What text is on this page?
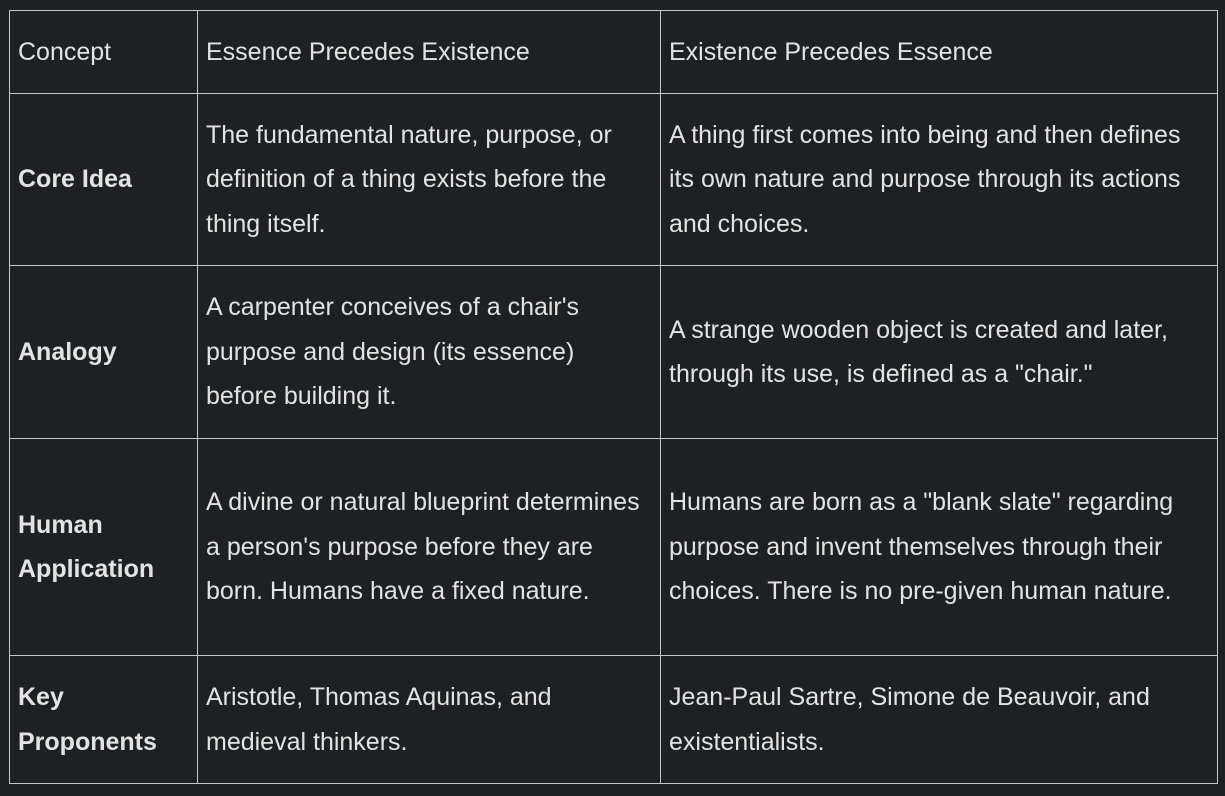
Concept	Essence Precedes Existence	Existence Precedes Essence
Core Idea	The fundamental nature, purpose, or definition of a thing exists before the thing itself.	A thing first comes into being and then defines its own nature and purpose through its actions and choices.
Analogy	A carpenter conceives of a chair's purpose and design (its essence) before building it.	A strange wooden object is created and later, through its use, is defined as a "chair."
Human Application	A divine or natural blueprint determines a person's purpose before they are born. Humans have a fixed nature.	Humans are born as a "blank slate" regarding purpose and invent themselves through their choices. There is no pre-given human nature.
Key Proponents	Aristotle, Thomas Aquinas, and medieval thinkers.	Jean-Paul Sartre, Simone de Beauvoir, and existentialists.
